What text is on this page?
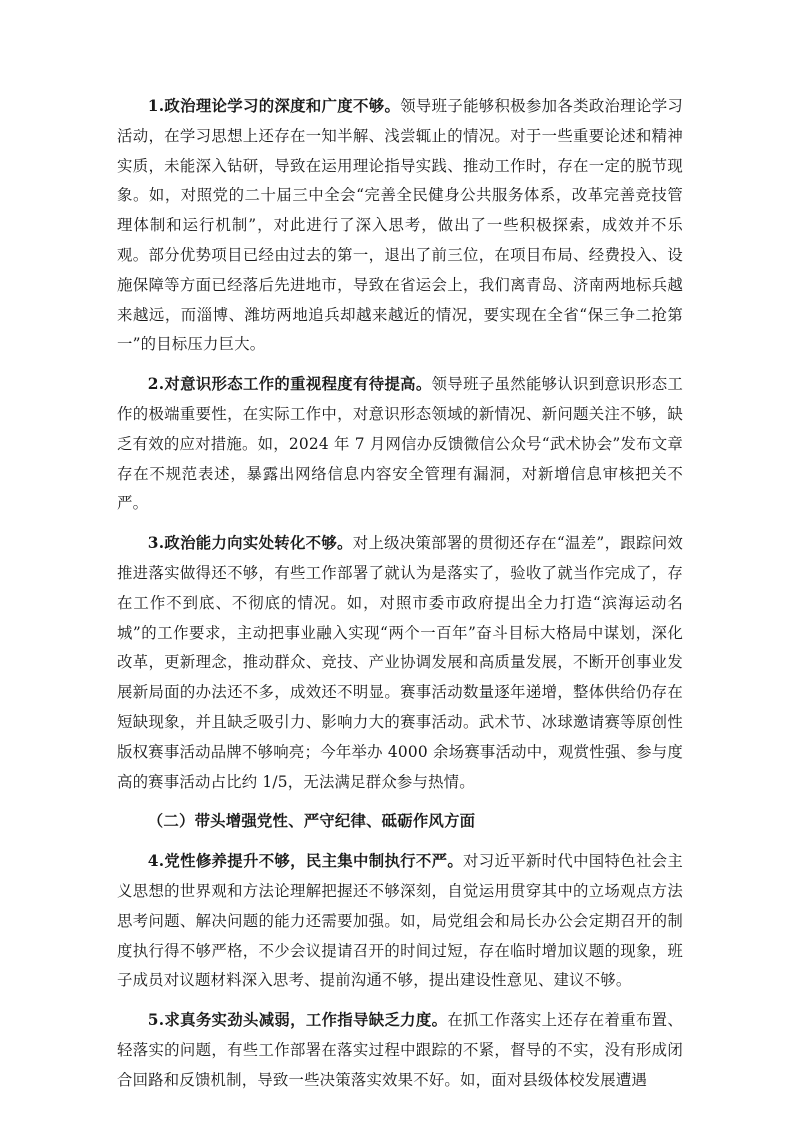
1.政治理论学习的深度和广度不够。领导班子能够积极参加各类政治理论学习活动，在学习思想上还存在一知半解、浅尝辄止的情况。对于一些重要论述和精神实质，未能深入钻研，导致在运用理论指导实践、推动工作时，存在一定的脱节现象。如，对照党的二十届三中全会“完善全民健身公共服务体系，改革完善竞技管理体制和运行机制”，对此进行了深入思考，做出了一些积极探索，成效并不乐观。部分优势项目已经由过去的第一，退出了前三位，在项目布局、经费投入、设施保障等方面已经落后先进地市，导致在省运会上，我们离青岛、济南两地标兵越来越远，而淄博、潍坊两地追兵却越来越近的情况，要实现在全省“保三争二抢第一”的目标压力巨大。

2.对意识形态工作的重视程度有待提高。领导班子虽然能够认识到意识形态工作的极端重要性，在实际工作中，对意识形态领域的新情况、新问题关注不够，缺乏有效的应对措施。如，2024 年 7 月网信办反馈微信公众号“武术协会”发布文章存在不规范表述，暴露出网络信息内容安全管理有漏洞，对新增信息审核把关不严。

3.政治能力向实处转化不够。对上级决策部署的贯彻还存在“温差”，跟踪问效推进落实做得还不够，有些工作部署了就认为是落实了，验收了就当作完成了，存在工作不到底、不彻底的情况。如，对照市委市政府提出全力打造“滨海运动名城”的工作要求，主动把事业融入实现“两个一百年”奋斗目标大格局中谋划，深化改革，更新理念，推动群众、竞技、产业协调发展和高质量发展，不断开创事业发展新局面的办法还不多，成效还不明显。赛事活动数量逐年递增，整体供给仍存在短缺现象，并且缺乏吸引力、影响力大的赛事活动。武术节、冰球邀请赛等原创性版权赛事活动品牌不够响亮；今年举办 4000 余场赛事活动中，观赏性强、参与度高的赛事活动占比约 1/5，无法满足群众参与热情。

（二）带头增强党性、严守纪律、砥砺作风方面

4.党性修养提升不够，民主集中制执行不严。对习近平新时代中国特色社会主义思想的世界观和方法论理解把握还不够深刻，自觉运用贯穿其中的立场观点方法思考问题、解决问题的能力还需要加强。如，局党组会和局长办公会定期召开的制度执行得不够严格，不少会议提请召开的时间过短，存在临时增加议题的现象，班子成员对议题材料深入思考、提前沟通不够，提出建设性意见、建议不够。

5.求真务实劲头减弱，工作指导缺乏力度。在抓工作落实上还存在着重布置、轻落实的问题，有些工作部署在落实过程中跟踪的不紧，督导的不实，没有形成闭合回路和反馈机制，导致一些决策落实效果不好。如，面对县级体校发展遭遇
